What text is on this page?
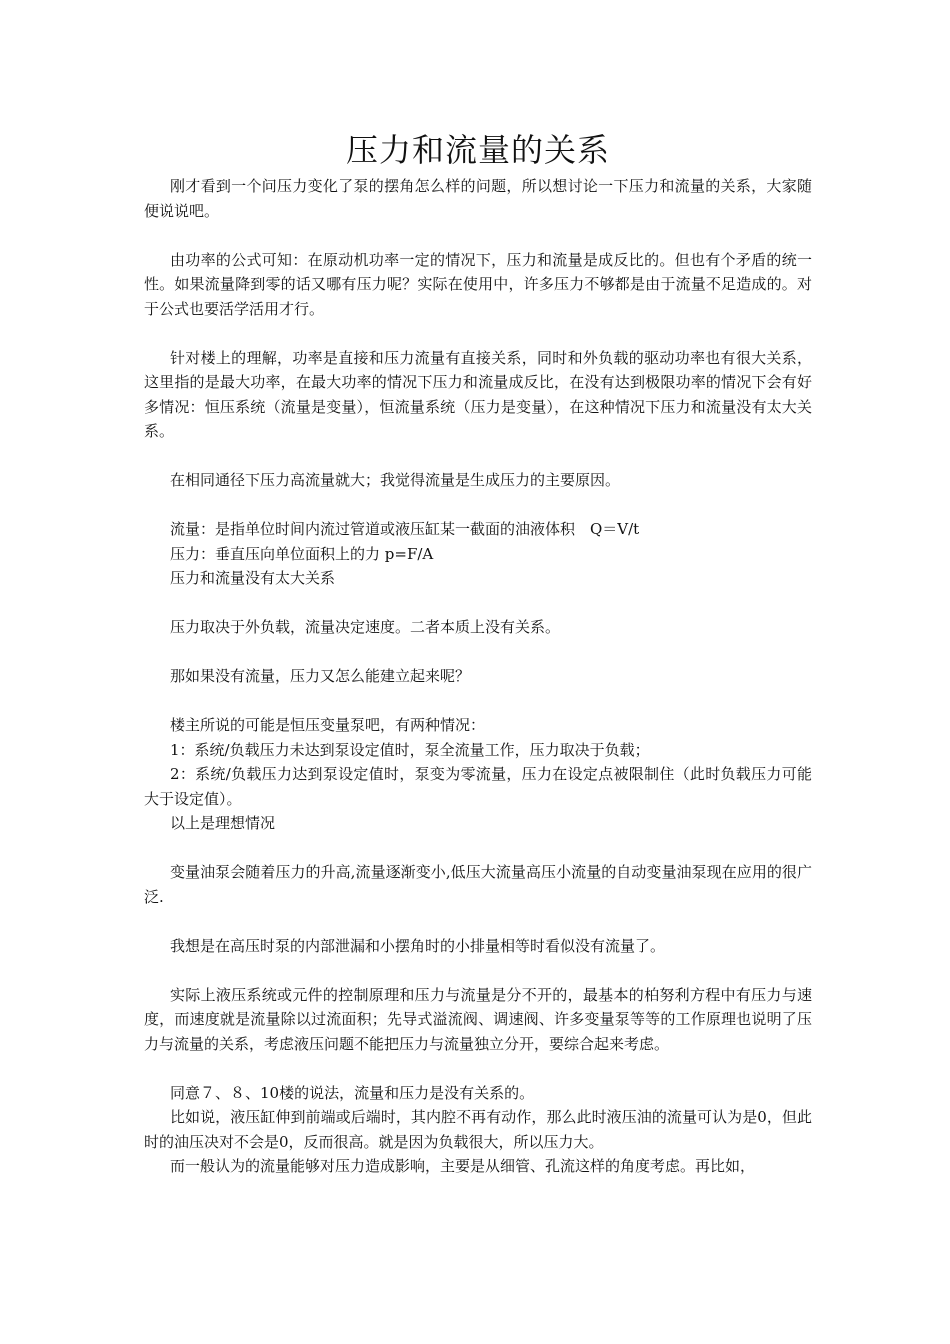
压力和流量的关系

刚才看到一个问压力变化了泵的摆角怎么样的问题，所以想讨论一下压力和流量的关系，大家随便说说吧。

由功率的公式可知：在原动机功率一定的情况下，压力和流量是成反比的。但也有个矛盾的统一性。如果流量降到零的话又哪有压力呢？实际在使用中，许多压力不够都是由于流量不足造成的。对于公式也要活学活用才行。

针对楼上的理解，功率是直接和压力流量有直接关系，同时和外负载的驱动功率也有很大关系，这里指的是最大功率，在最大功率的情况下压力和流量成反比，在没有达到极限功率的情况下会有好多情况：恒压系统（流量是变量），恒流量系统（压力是变量），在这种情况下压力和流量没有太大关系。

在相同通径下压力高流量就大；我觉得流量是生成压力的主要原因。

流量：是指单位时间内流过管道或液压缸某一截面的油液体积　Q＝V/t

压力：垂直压向单位面积上的力 p=F/A

压力和流量没有太大关系

压力取决于外负载，流量决定速度。二者本质上没有关系。

那如果没有流量，压力又怎么能建立起来呢？

楼主所说的可能是恒压变量泵吧，有两种情况：

1：系统/负载压力未达到泵设定值时，泵全流量工作，压力取决于负载；

2：系统/负载压力达到泵设定值时，泵变为零流量，压力在设定点被限制住（此时负载压力可能大于设定值）。

以上是理想情况

变量油泵会随着压力的升高,流量逐渐变小,低压大流量高压小流量的自动变量油泵现在应用的很广泛.

我想是在高压时泵的内部泄漏和小摆角时的小排量相等时看似没有流量了。

实际上液压系统或元件的控制原理和压力与流量是分不开的，最基本的柏努利方程中有压力与速度，而速度就是流量除以过流面积；先导式溢流阀、调速阀、许多变量泵等等的工作原理也说明了压力与流量的关系，考虑液压问题不能把压力与流量独立分开，要综合起来考虑。

同意７、８、10楼的说法，流量和压力是没有关系的。

比如说，液压缸伸到前端或后端时，其内腔不再有动作，那么此时液压油的流量可认为是0，但此时的油压决对不会是0，反而很高。就是因为负载很大，所以压力大。

而一般认为的流量能够对压力造成影响，主要是从细管、孔流这样的角度考虑。再比如，
